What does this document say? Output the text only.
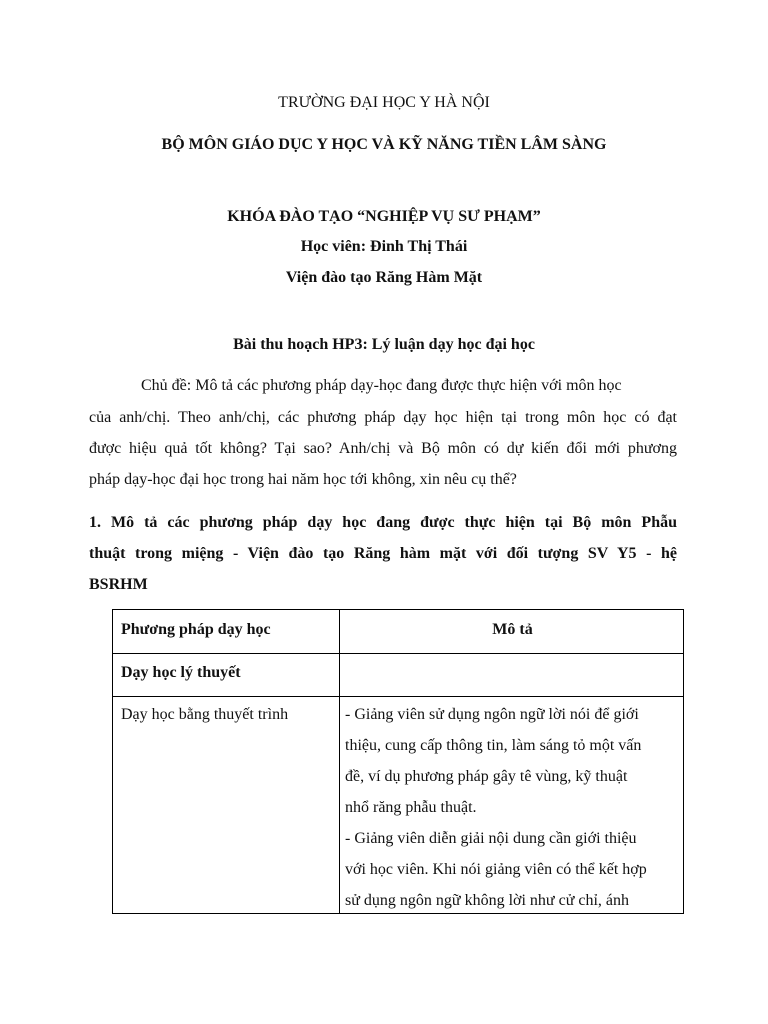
TRƯỜNG ĐẠI HỌC Y HÀ NỘI
BỘ MÔN GIÁO DỤC Y HỌC VÀ KỸ NĂNG TIỀN LÂM SÀNG
KHÓA ĐÀO TẠO “NGHIỆP VỤ SƯ PHẠM”
Học viên: Đinh Thị Thái
Viện đào tạo Răng Hàm Mặt
Bài thu hoạch HP3: Lý luận dạy học đại học
Chủ đề: Mô tả các phương pháp dạy-học đang được thực hiện với môn học
của anh/chị. Theo anh/chị, các phương pháp dạy học hiện tại trong môn học có đạt
được hiệu quả tốt không? Tại sao? Anh/chị và Bộ môn có dự kiến đổi mới phương
pháp dạy-học đại học trong hai năm học tới không, xin nêu cụ thể?
1. Mô tả các phương pháp dạy học đang được thực hiện tại Bộ môn Phẫu
thuật trong miệng - Viện đào tạo Răng hàm mặt với đối tượng SV Y5 - hệ
BSRHM
Phương pháp dạy học	Mô tả
Dạy học lý thuyết
Dạy học bằng thuyết trình	- Giảng viên sử dụng ngôn ngữ lời nói để giới
thiệu, cung cấp thông tin, làm sáng tỏ một vấn
đề, ví dụ phương pháp gây tê vùng, kỹ thuật
nhổ răng phẫu thuật.
- Giảng viên diễn giải nội dung cần giới thiệu
với học viên. Khi nói giảng viên có thể kết hợp
sử dụng ngôn ngữ không lời như cử chỉ, ánh
